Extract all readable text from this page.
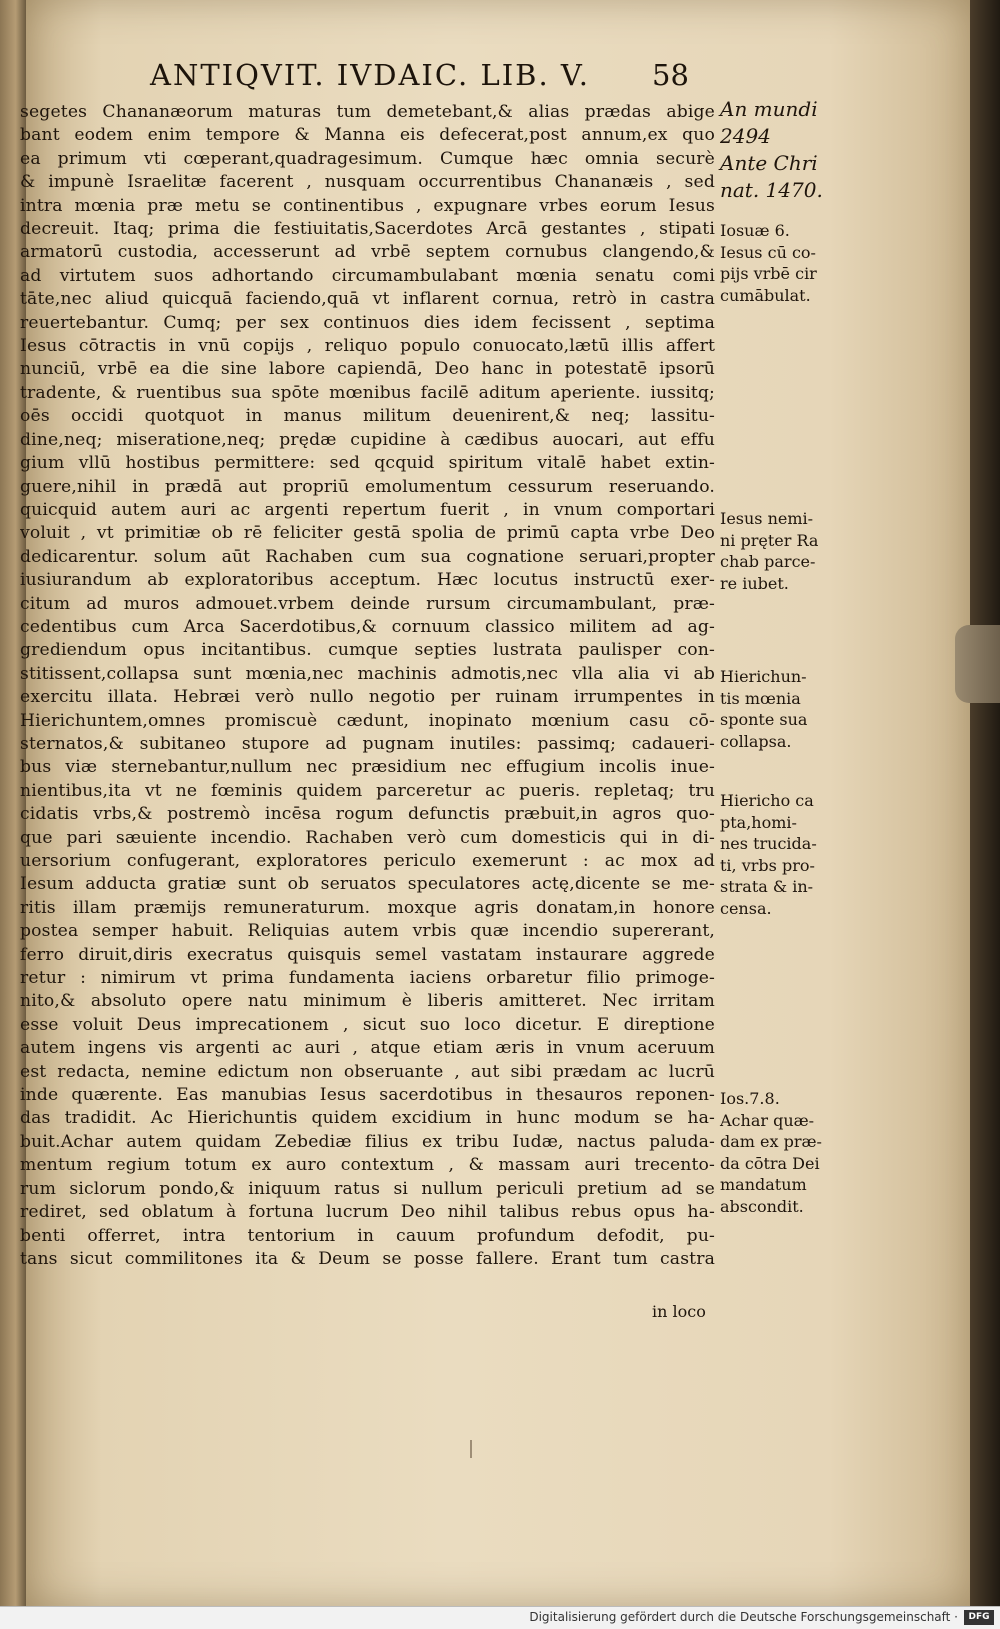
ANTIQVIT. IVDAIC. LIB. V.	58
segetes Chananæorum maturas tum demetebant,& alias prædas abige
bant eodem enim tempore & Manna eis defecerat,post annum,ex quo
ea primum vti cœperant,quadragesimum. Cumque hæc omnia securè
& impunè Israelitæ facerent , nusquam occurrentibus Chananæis , sed
intra mœnia præ metu se continentibus , expugnare vrbes eorum Iesus
decreuit. Itaq; prima die festiuitatis,Sacerdotes Arcā gestantes , stipati
armatorū custodia, accesserunt ad vrbē septem cornubus clangendo,&
ad virtutem suos adhortando circumambulabant mœnia senatu comi
tāte,nec aliud quicquā faciendo,quā vt inflarent cornua, retrò in castra
reuertebantur. Cumq; per sex continuos dies idem fecissent , septima
Iesus cōtractis in vnū copijs , reliquo populo conuocato,lætū illis affert
nunciū, vrbē ea die sine labore capiendā, Deo hanc in potestatē ipsorū
tradente, & ruentibus sua spōte mœnibus facilē aditum aperiente. iussitq;
oēs occidi quotquot in manus militum deuenirent,& neq; lassitu-
dine,neq; miseratione,neq; prędæ cupidine à cædibus auocari, aut effu
gium vllū hostibus permittere: sed qcquid spiritum vitalē habet extin-
guere,nihil in prædā aut propriū emolumentum cessurum reseruando.
quicquid autem auri ac argenti repertum fuerit , in vnum comportari
voluit , vt primitiæ ob rē feliciter gestā spolia de primū capta vrbe Deo
dedicarentur. solum aūt Rachaben cum sua cognatione seruari,propter
iusiurandum ab exploratoribus acceptum. Hæc locutus instructū exer-
citum ad muros admouet.vrbem deinde rursum circumambulant, præ-
cedentibus cum Arca Sacerdotibus,& cornuum classico militem ad ag-
grediendum opus incitantibus. cumque septies lustrata paulisper con-
stitissent,collapsa sunt mœnia,nec machinis admotis,nec vlla alia vi ab
exercitu illata. Hebræi verò nullo negotio per ruinam irrumpentes in
Hierichuntem,omnes promiscuè cædunt, inopinato mœnium casu cō-
sternatos,& subitaneo stupore ad pugnam inutiles: passimq; cadaueri-
bus viæ sternebantur,nullum nec præsidium nec effugium incolis inue-
nientibus,ita vt ne fœminis quidem parceretur ac pueris. repletaq; tru
cidatis vrbs,& postremò incēsa rogum defunctis præbuit,in agros quo-
que pari sæuiente incendio. Rachaben verò cum domesticis qui in di-
uersorium confugerant, exploratores periculo exemerunt : ac mox ad
Iesum adducta gratiæ sunt ob seruatos speculatores actę,dicente se me-
ritis illam præmijs remuneraturum. moxque agris donatam,in honore
postea semper habuit. Reliquias autem vrbis quæ incendio supererant,
ferro diruit,diris execratus quisquis semel vastatam instaurare aggrede
retur : nimirum vt prima fundamenta iaciens orbaretur filio primoge-
nito,& absoluto opere natu minimum è liberis amitteret. Nec irritam
esse voluit Deus imprecationem , sicut suo loco dicetur. E direptione
autem ingens vis argenti ac auri , atque etiam æris in vnum aceruum
est redacta, nemine edictum non obseruante , aut sibi prædam ac lucrū
inde quærente. Eas manubias Iesus sacerdotibus in thesauros reponen-
das tradidit. Ac Hierichuntis quidem excidium in hunc modum se ha-
buit.Achar autem quidam Zebediæ filius ex tribu Iudæ, nactus paluda-
mentum regium totum ex auro contextum , & massam auri trecento-
rum siclorum pondo,& iniquum ratus si nullum periculi pretium ad se
rediret, sed oblatum à fortuna lucrum Deo nihil talibus rebus opus ha-
benti offerret, intra tentorium in cauum profundum defodit, pu-
tans sicut commilitones ita & Deum se posse fallere. Erant tum castra
in loco
An mundi
2494
Ante Chri
nat. 1470.
Iosuæ 6.
Iesus cū co-
pijs vrbē cir
cumābulat.
Iesus nemi-
ni pręter Ra
chab parce-
re iubet.
Hierichun-
tis mœnia
sponte sua
collapsa.
Hiericho ca
pta,homi-
nes trucida-
ti, vrbs pro-
strata & in-
censa.
Ios.7.8.
Achar quæ-
dam ex præ-
da cōtra Dei
mandatum
abscondit.
Digitalisierung gefördert durch die Deutsche Forschungsgemeinschaft ·	DFG
